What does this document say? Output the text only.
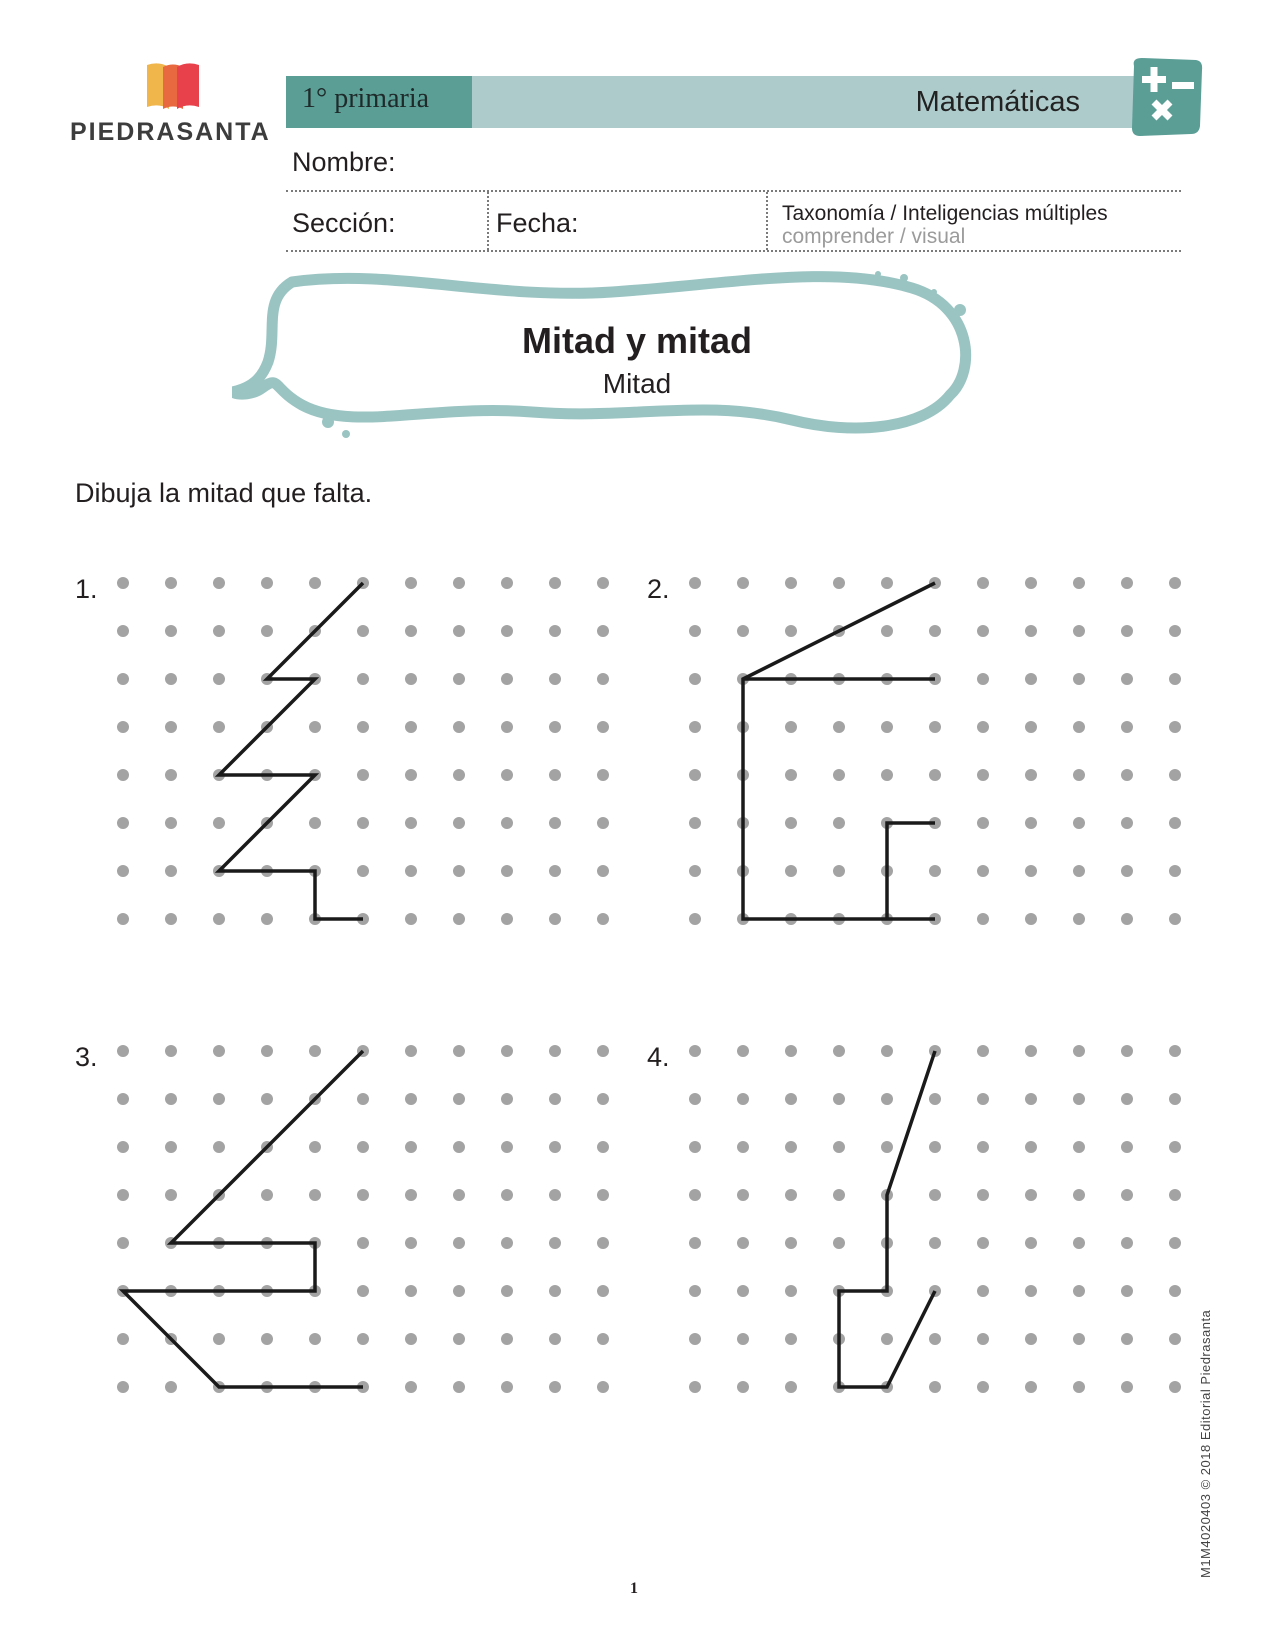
PIEDRASANTA
1° primaria	Matemáticas
Nombre:
Sección:	Fecha:	Taxonomía / Inteligencias múltiples
comprender / visual
Mitad y mitad
Mitad
Dibuja la mitad que falta.
1.	2.
3.	4.
M1M4020403 © 2018 Editorial Piedrasanta
1
